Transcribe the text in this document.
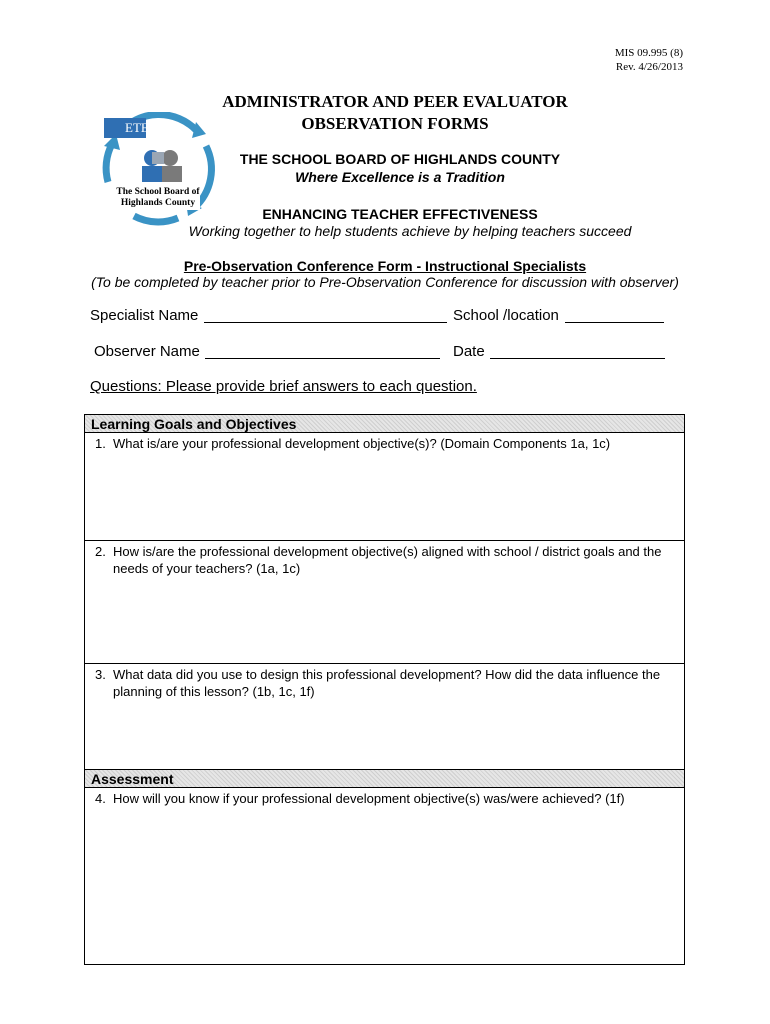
MIS 09.995 (8)
Rev. 4/26/2013
ETEI
The School Board of
Highlands County
ADMINISTRATOR AND PEER EVALUATOR
OBSERVATION FORMS
THE SCHOOL BOARD OF HIGHLANDS COUNTY
Where Excellence is a Tradition
ENHANCING TEACHER EFFECTIVENESS
Working together to help students achieve by helping teachers succeed
Pre-Observation Conference Form - Instructional Specialists
(To be completed by teacher prior to Pre-Observation Conference for discussion with observer)
Specialist Name	School /location
Observer Name	Date
Questions: Please provide brief answers to each question.
Learning Goals and Objectives
1. What is/are your professional development objective(s)? (Domain Components 1a, 1c)
2. How is/are the professional development objective(s) aligned with school / district goals and the needs of your teachers? (1a, 1c)
3. What data did you use to design this professional development? How did the data influence the planning of this lesson? (1b, 1c, 1f)
Assessment
4. How will you know if your professional development objective(s) was/were achieved? (1f)
